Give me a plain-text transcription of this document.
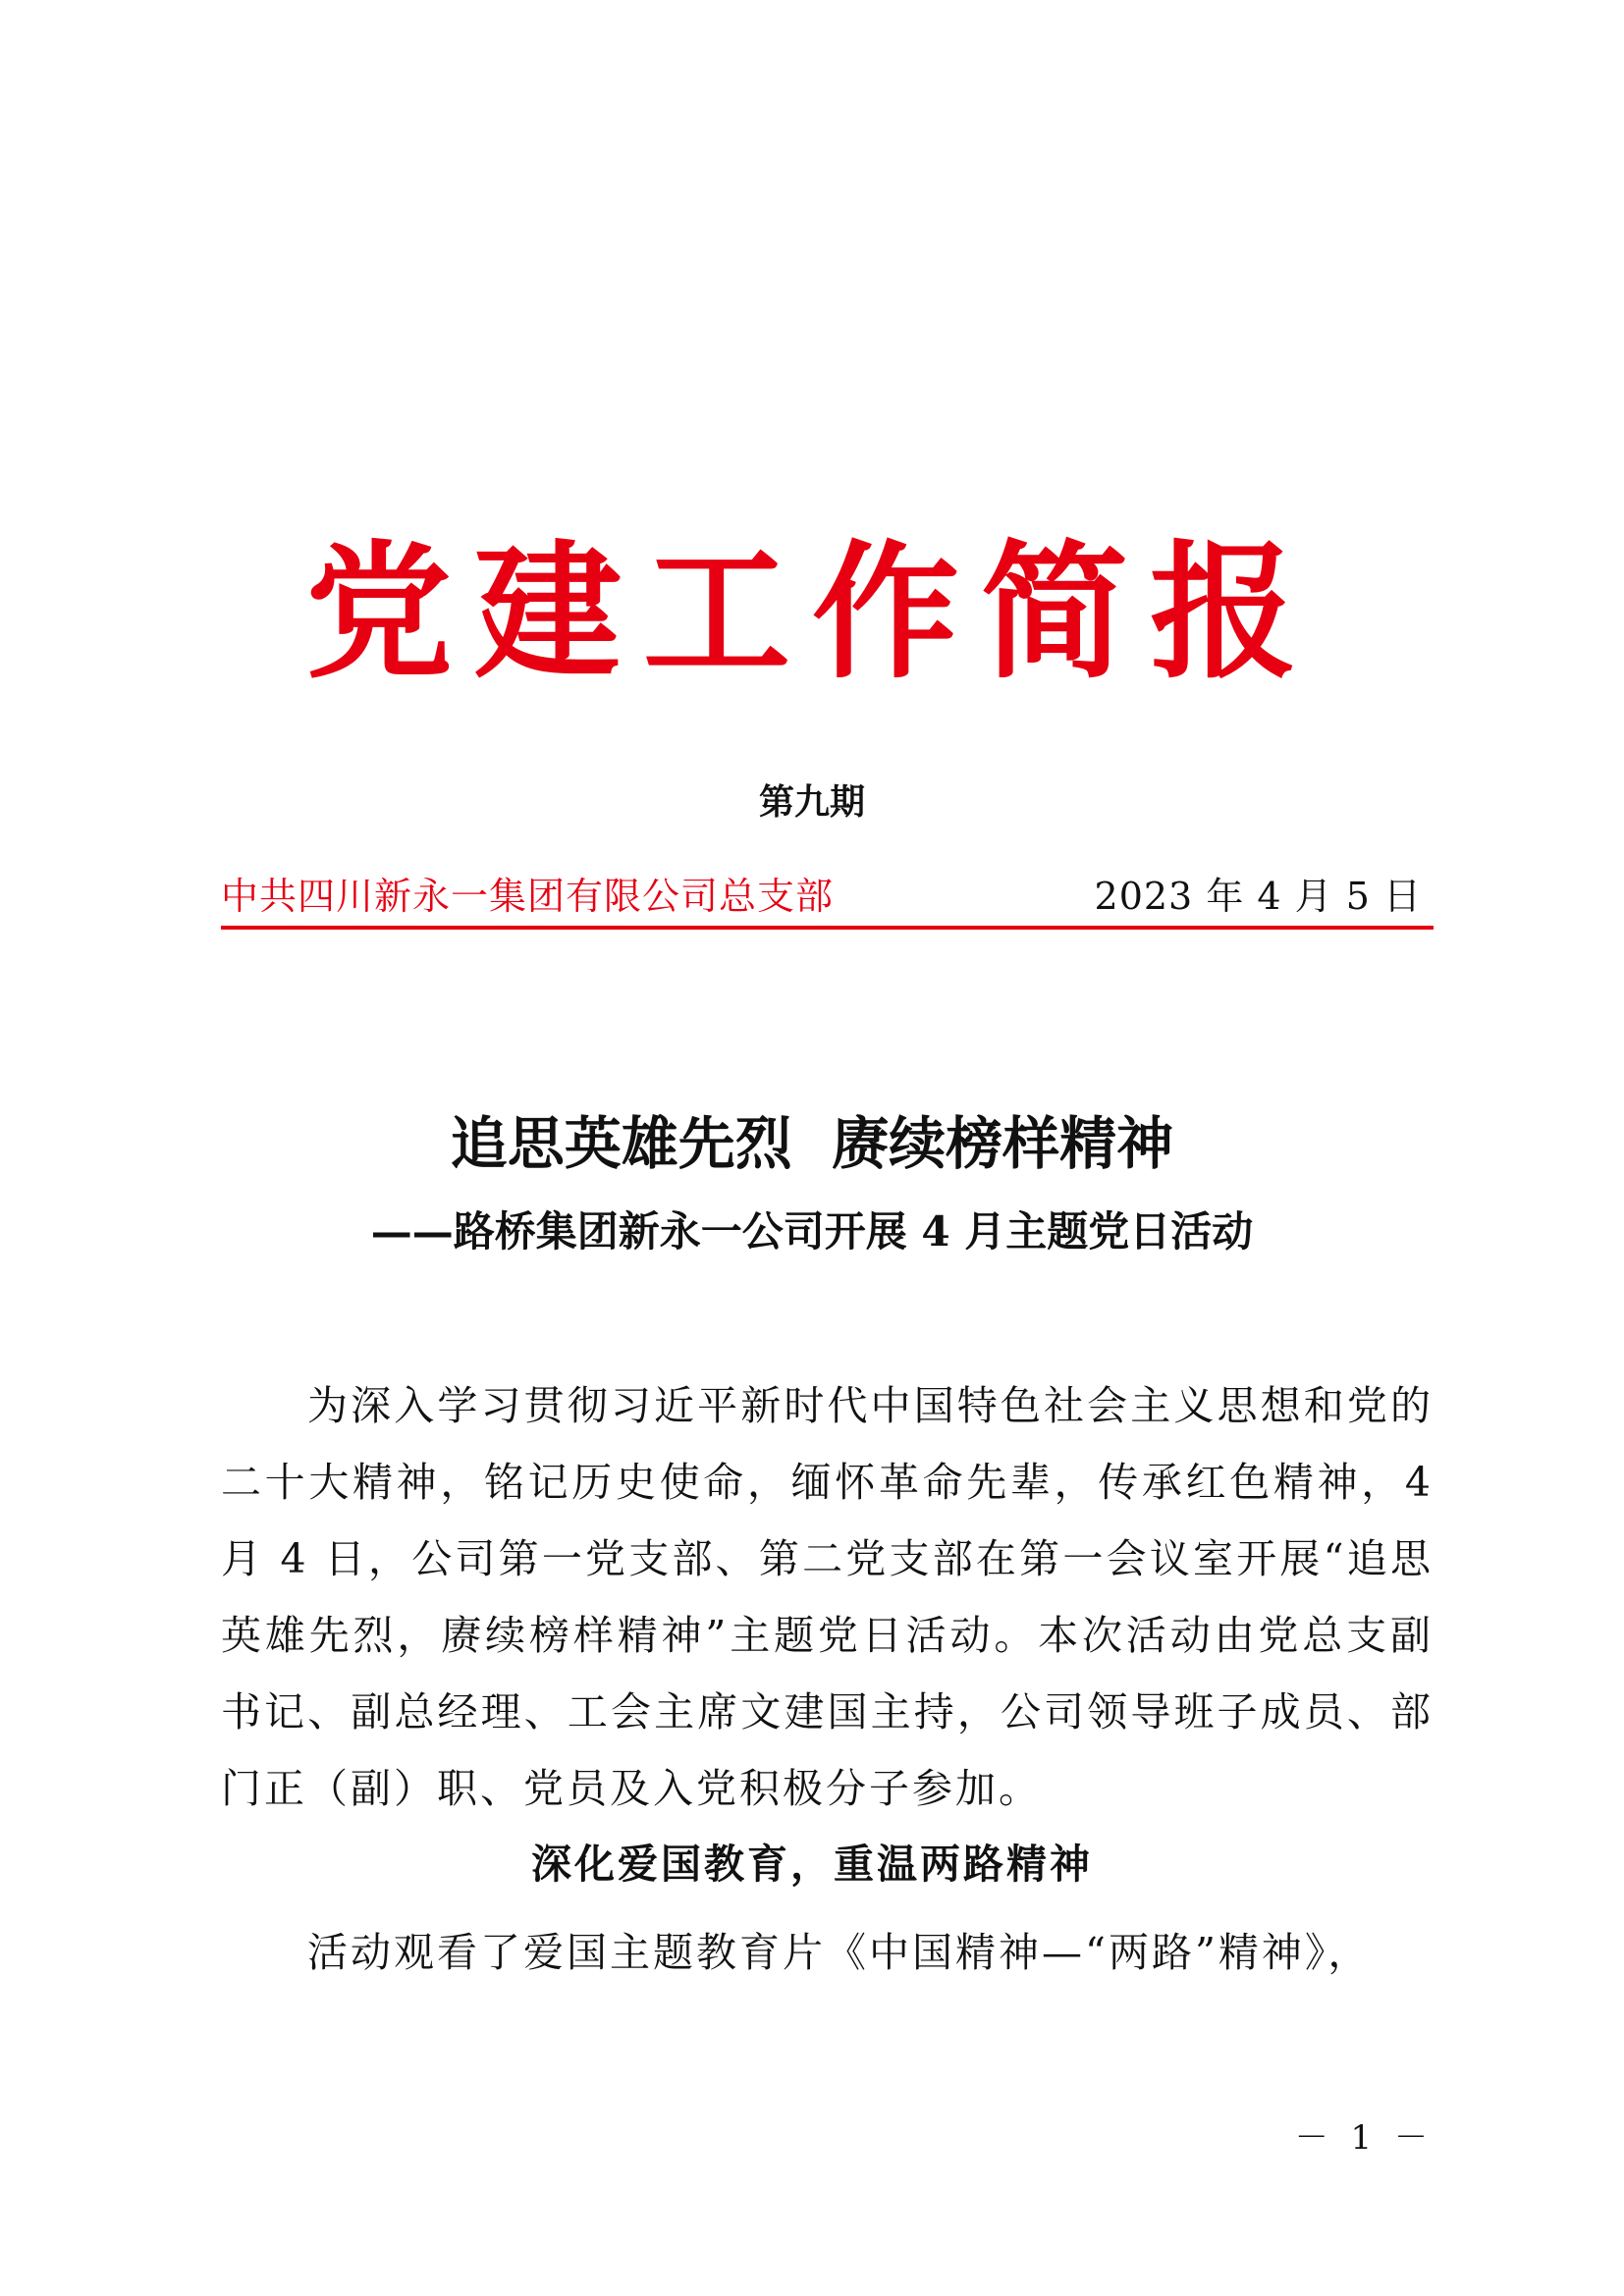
党建工作简报
第九期
中共四川新永一集团有限公司总支部	2023 年 4 月 5 日
追思英雄先烈  赓续榜样精神
——路桥集团新永一公司开展 4 月主题党日活动

为深入学习贯彻习近平新时代中国特色社会主义思想和党的二十大精神，铭记历史使命，缅怀革命先辈，传承红色精神，4 月 4 日，公司第一党支部、第二党支部在第一会议室开展“追思英雄先烈，赓续榜样精神”主题党日活动。本次活动由党总支副书记、副总经理、工会主席文建国主持，公司领导班子成员、部门正（副）职、党员及入党积极分子参加。

深化爱国教育，重温两路精神

活动观看了爱国主题教育片《中国精神—“两路”精神》，

－ 1 －
